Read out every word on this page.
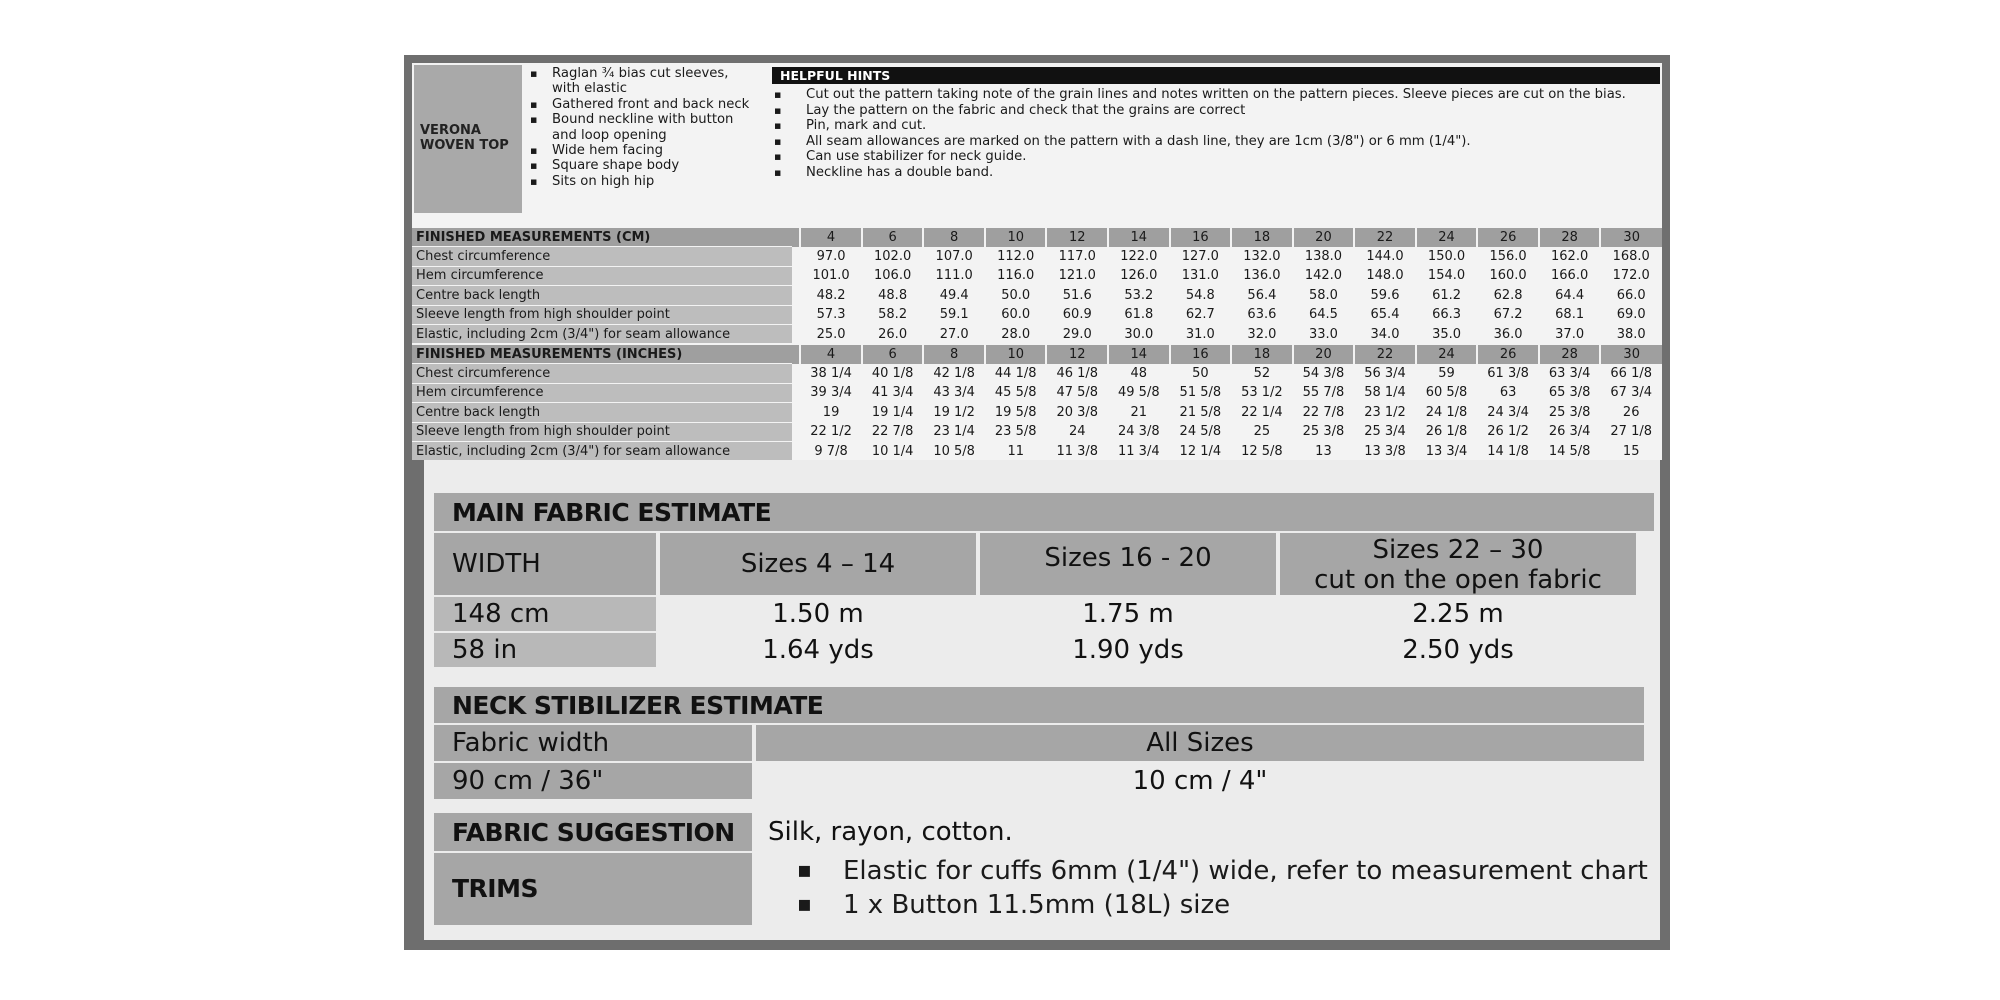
VERONA WOVEN TOP
▪ Raglan ¾ bias cut sleeves, with elastic
▪ Gathered front and back neck
▪ Bound neckline with button and loop opening
▪ Wide hem facing
▪ Square shape body
▪ Sits on high hip
HELPFUL HINTS
▪ Cut out the pattern taking note of the grain lines and notes written on the pattern pieces. Sleeve pieces are cut on the bias.
▪ Lay the pattern on the fabric and check that the grains are correct
▪ Pin, mark and cut.
▪ All seam allowances are marked on the pattern with a dash line, they are 1cm (3/8") or 6 mm (1/4").
▪ Can use stabilizer for neck guide.
▪ Neckline has a double band.
FINISHED MEASUREMENTS (CM)		4	6	8	10	12	14	16	18	20	22	24	26	28	30
Chest circumference		97.0	102.0	107.0	112.0	117.0	122.0	127.0	132.0	138.0	144.0	150.0	156.0	162.0	168.0
Hem circumference		101.0	106.0	111.0	116.0	121.0	126.0	131.0	136.0	142.0	148.0	154.0	160.0	166.0	172.0
Centre back length		48.2	48.8	49.4	50.0	51.6	53.2	54.8	56.4	58.0	59.6	61.2	62.8	64.4	66.0
Sleeve length from high shoulder point		57.3	58.2	59.1	60.0	60.9	61.8	62.7	63.6	64.5	65.4	66.3	67.2	68.1	69.0
Elastic, including 2cm (3/4") for seam allowance		25.0	26.0	27.0	28.0	29.0	30.0	31.0	32.0	33.0	34.0	35.0	36.0	37.0	38.0
FINISHED MEASUREMENTS (INCHES)		4	6	8	10	12	14	16	18	20	22	24	26	28	30
Chest circumference		38 1/4	40 1/8	42 1/8	44 1/8	46 1/8	48	50	52	54 3/8	56 3/4	59	61 3/8	63 3/4	66 1/8
Hem circumference		39 3/4	41 3/4	43 3/4	45 5/8	47 5/8	49 5/8	51 5/8	53 1/2	55 7/8	58 1/4	60 5/8	63	65 3/8	67 3/4
Centre back length		19	19 1/4	19 1/2	19 5/8	20 3/8	21	21 5/8	22 1/4	22 7/8	23 1/2	24 1/8	24 3/4	25 3/8	26
Sleeve length from high shoulder point		22 1/2	22 7/8	23 1/4	23 5/8	24	24 3/8	24 5/8	25	25 3/8	25 3/4	26 1/8	26 1/2	26 3/4	27 1/8
Elastic, including 2cm (3/4") for seam allowance		9 7/8	10 1/4	10 5/8	11	11 3/8	11 3/4	12 1/4	12 5/8	13	13 3/8	13 3/4	14 1/8	14 5/8	15
MAIN FABRIC ESTIMATE
WIDTH	Sizes 4 – 14	Sizes 16 - 20	Sizes 22 – 30
cut on the open fabric
148 cm	1.50 m	1.75 m	2.25 m
58 in	1.64 yds	1.90 yds	2.50 yds
NECK STIBILIZER ESTIMATE
Fabric width	All Sizes
90 cm / 36"	10 cm / 4"
FABRIC SUGGESTION	Silk, rayon, cotton.
TRIMS
▪ Elastic for cuffs 6mm (1/4") wide, refer to measurement chart
▪ 1 x Button 11.5mm (18L) size
